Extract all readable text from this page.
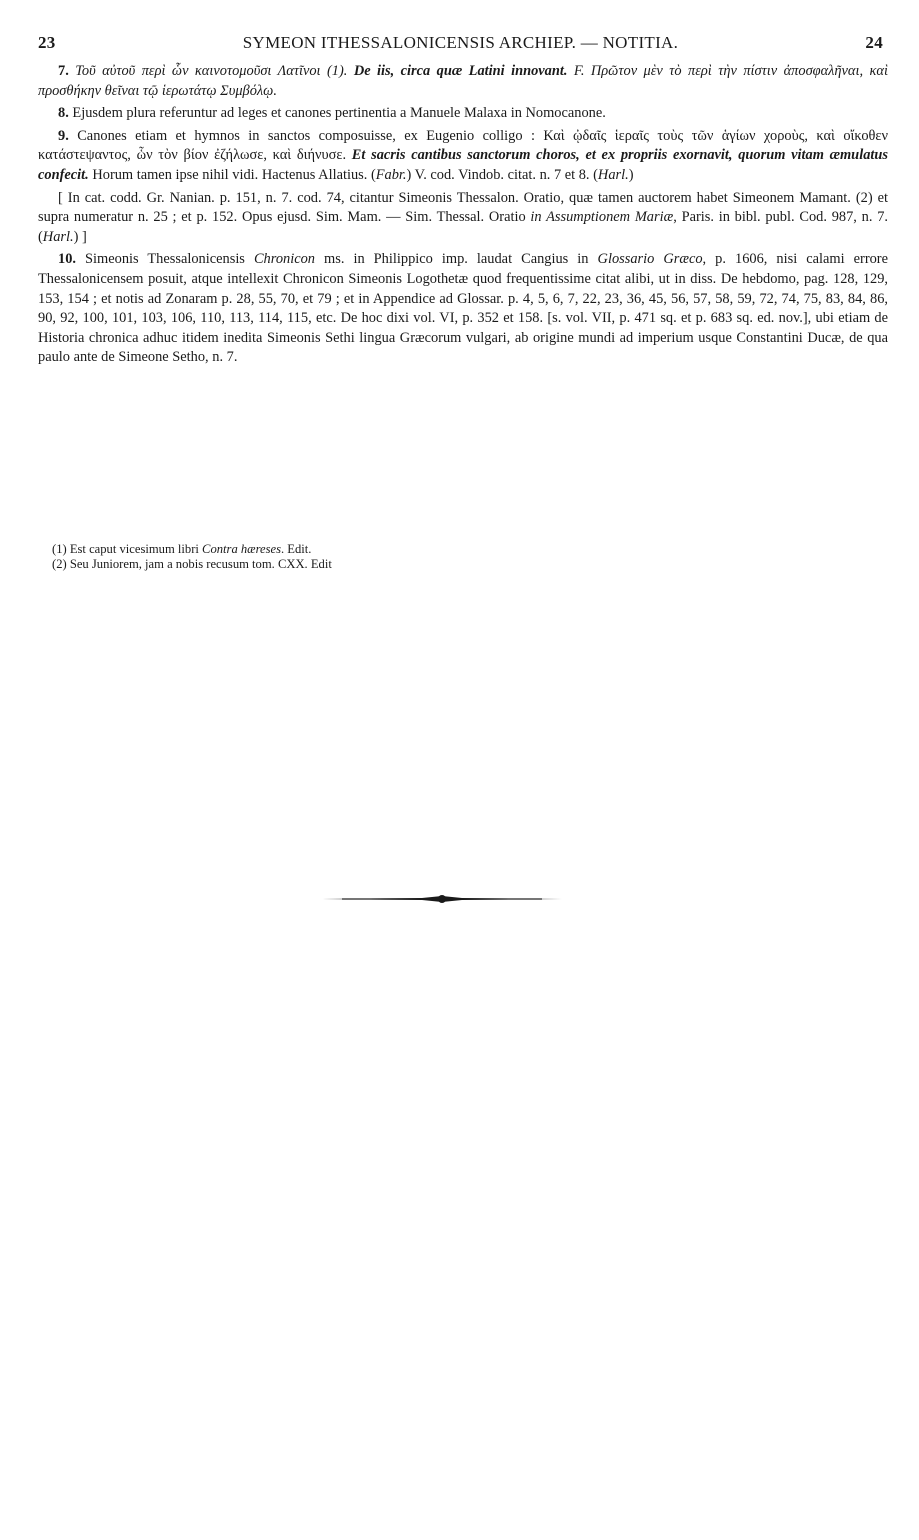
23	SYMEON ITHESSALONICENSIS ARCHIEP. — NOTITIA.	24

7. Τοῦ αὐτοῦ περὶ ὧν καινοτομοῦσι Λατῖνοι (1). De iis, circa quæ Latini innovant. F. Πρῶτον μὲν τὸ περὶ τὴν πίστιν ἀποσφαλῆναι, καὶ προσθήκην θεῖναι τῷ ἱερωτάτῳ Συμβόλῳ.

8. Ejusdem plura referuntur ad leges et canones pertinentia a Manuele Malaxa in Nomocanone.

9. Canones etiam et hymnos in sanctos composuisse, ex Eugenio colligo : Καὶ ᾠδαῖς ἱεραῖς τοὺς τῶν ἁγίων χοροὺς, καὶ οἴκοθεν κατάστεψαντος, ὧν τὸν βίον ἐζήλωσε, καὶ διήνυσε. Et sacris cantibus sanctorum choros, et ex propriis exornavit, quorum vitam æmulatus confecit. Horum tamen ipse nihil vidi. Hactenus Allatius. (Fabr.) V. cod. Vindob. citat. n. 7 et 8. (Harl.)

[ In cat. codd. Gr. Nanian. p. 151, n. 7. cod. 74, citantur Simeonis Thessalon. Oratio, quæ tamen auctorem habet Simeonem Mamant. (2) et supra numeratur n. 25 ; et p. 152. Opus ejusd. Sim. Mam. — Sim. Thessal. Oratio in Assumptionem Mariæ, Paris. in bibl. publ. Cod. 987, n. 7. (Harl.) ]

10. Simeonis Thessalonicensis Chronicon ms. in Philippico imp. laudat Cangius in Glossario Græco, p. 1606, nisi calami errore Thessalonicensem posuit, atque intellexit Chronicon Simeonis Logothetæ quod frequentissime citat alibi, ut in diss. De hebdomo, pag. 128, 129, 153, 154 ; et notis ad Zonaram p. 28, 55, 70, et 79 ; et in Appendice ad Glossar. p. 4, 5, 6, 7, 22, 23, 36, 45, 56, 57, 58, 59, 72, 74, 75, 83, 84, 86, 90, 92, 100, 101, 103, 106, 110, 113, 114, 115, etc. De hoc dixi vol. VI, p. 352 et 158. [s. vol. VII, p. 471 sq. et p. 683 sq. ed. nov.], ubi etiam de Historia chronica adhuc itidem inedita Simeonis Sethi lingua Græcorum vulgari, ab origine mundi ad imperium usque Constantini Ducæ, de qua paulo ante de Simeone Setho, n. 7.

(1) Est caput vicesimum libri Contra hæreses. Edit.
(2) Seu Juniorem, jam a nobis recusum tom. CXX. Edit
